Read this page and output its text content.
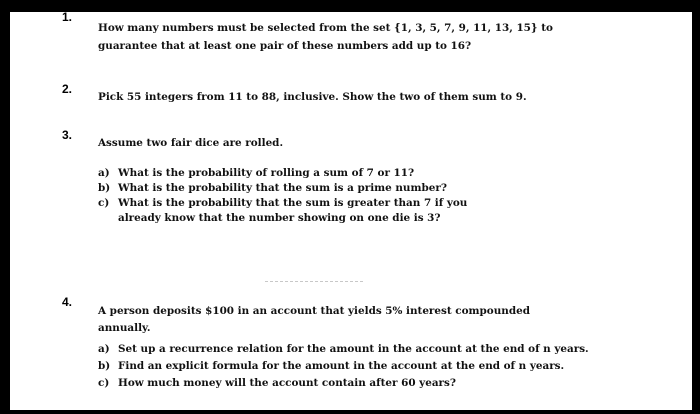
1.
How many numbers must be selected from the set {1, 3, 5, 7, 9, 11, 13, 15} to
guarantee that at least one pair of these numbers add up to 16?
2.
Pick 55 integers from 11 to 88, inclusive. Show the two of them sum to 9.
3.
Assume two fair dice are rolled.
a) What is the probability of rolling a sum of 7 or 11?
b) What is the probability that the sum is a prime number?
c) What is the probability that the sum is greater than 7 if you
already know that the number showing on one die is 3?
4.
A person deposits $100 in an account that yields 5% interest compounded
annually.
a) Set up a recurrence relation for the amount in the account at the end of n years.
b) Find an explicit formula for the amount in the account at the end of n years.
c) How much money will the account contain after 60 years?
